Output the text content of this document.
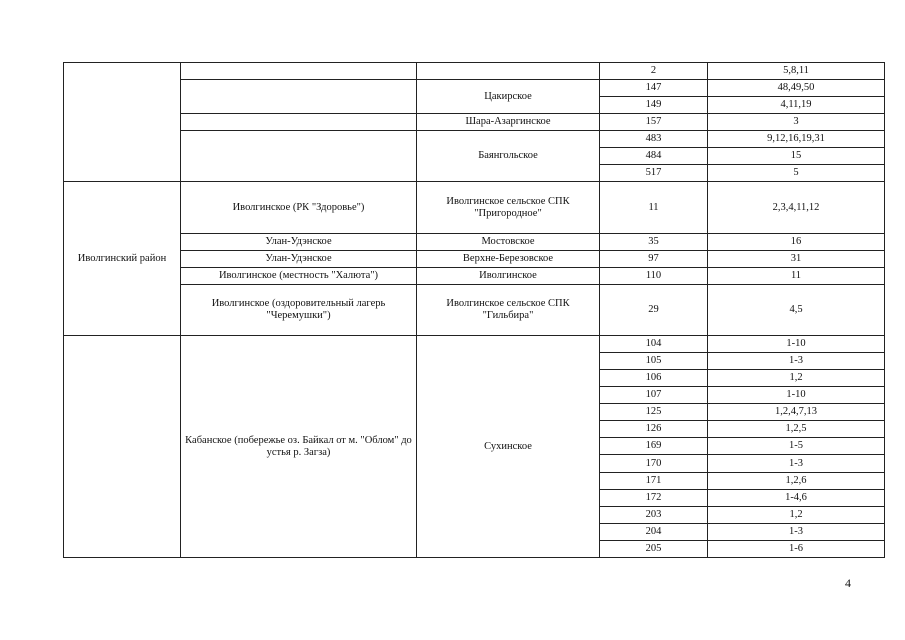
			2	5,8,11
		Цакирское	147	48,49,50
			149	4,11,19
		Шара-Азаргинское	157	3
		Баянгольское	483	9,12,16,19,31
			484	15
			517	5
Иволгинский район	Иволгинское (РК "Здоровье")	Иволгинское сельское СПК "Пригородное"	11	2,3,4,11,12
	Улан-Удэнское	Мостовское	35	16
	Улан-Удэнское	Верхне-Березовское	97	31
	Иволгинское (местность "Халюта")	Иволгинское	110	11
	Иволгинское (оздоровительный лагерь "Черемушки")	Иволгинское сельское СПК "Гильбира"	29	4,5
	Кабанское (побережье оз. Байкал от м. "Облом" до устья р. Загза)	Сухинское	104	1-10
			105	1-3
			106	1,2
			107	1-10
			125	1,2,4,7,13
			126	1,2,5
			169	1-5
			170	1-3
			171	1,2,6
			172	1-4,6
			203	1,2
			204	1-3
			205	1-6
4
